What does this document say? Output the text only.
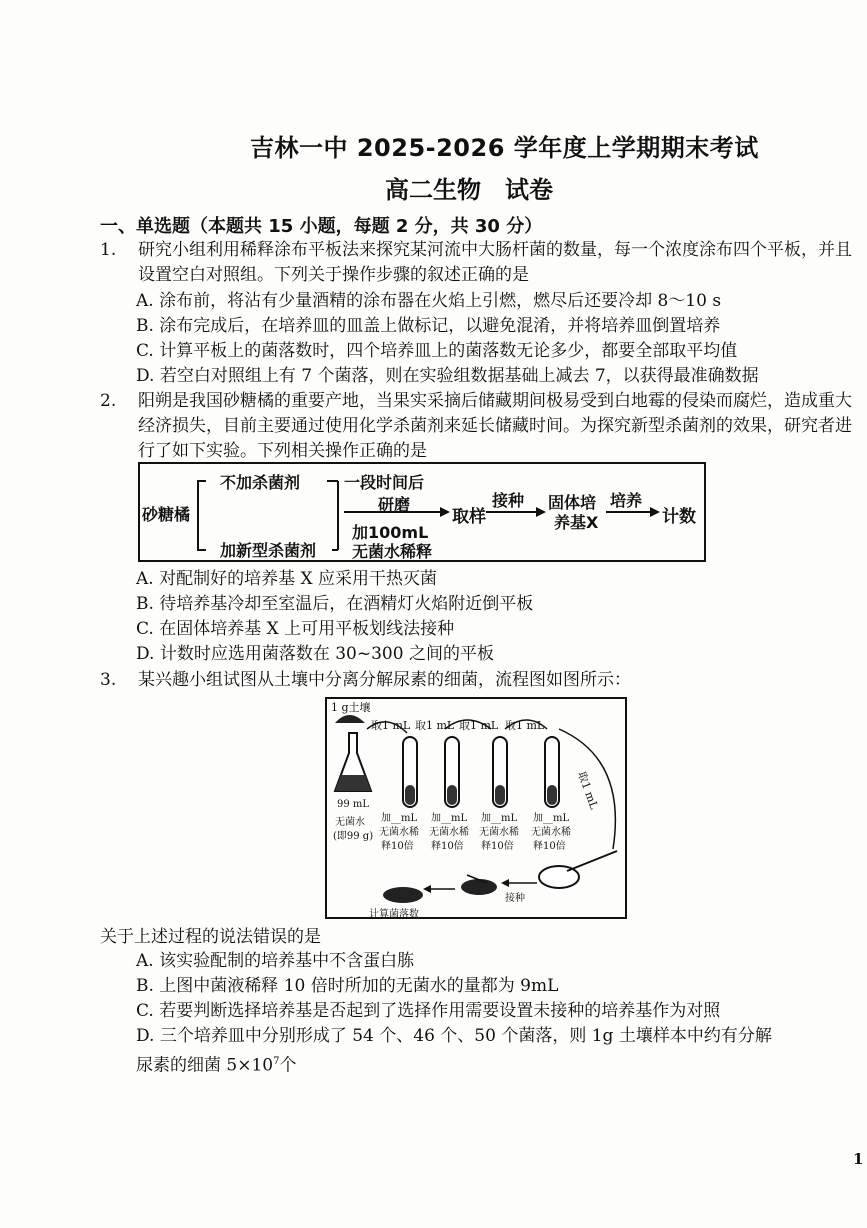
吉林一中 2025-2026 学年度上学期期末考试
高二生物　试卷
一、单选题（本题共 15 小题，每题 2 分，共 30 分）
1.	研究小组利用稀释涂布平板法来探究某河流中大肠杆菌的数量，每一个浓度涂布四个平板，并且设置空白对照组。下列关于操作步骤的叙述正确的是
A. 涂布前，将沾有少量酒精的涂布器在火焰上引燃，燃尽后还要冷却 8～10 s
B. 涂布完成后，在培养皿的皿盖上做标记，以避免混淆，并将培养皿倒置培养
C. 计算平板上的菌落数时，四个培养皿上的菌落数无论多少，都要全部取平均值
D. 若空白对照组上有 7 个菌落，则在实验组数据基础上减去 7，以获得最准确数据
2.	阳朔是我国砂糖橘的重要产地，当果实采摘后储藏期间极易受到白地霉的侵染而腐烂，造成重大经济损失，目前主要通过使用化学杀菌剂来延长储藏时间。为探究新型杀菌剂的效果，研究者进行了如下实验。下列相关操作正确的是
砂糖橘
不加杀菌剂
加新型杀菌剂
一段时间后
研磨
加100mL
无菌水稀释
取样
接种 固体培
养基X
培养
计数
A. 对配制好的培养基 X 应采用干热灭菌
B. 待培养基冷却至室温后，在酒精灯火焰附近倒平板
C. 在固体培养基 X 上可用平板划线法接种
D. 计数时应选用菌落数在 30~300 之间的平板
3.	某兴趣小组试图从土壤中分离分解尿素的细菌，流程图如图所示：
1 g土壤
取1 mL 取1 mL 取1 mL 取1 mL
取1 mL
99 mL
无菌水
(即99 g)
加__mL
无菌水稀
释10倍
加__mL
无菌水稀
释10倍
加__mL
无菌水稀
释10倍
加__mL
无菌水稀
释10倍
接种
计算菌落数
关于上述过程的说法错误的是
A. 该实验配制的培养基中不含蛋白胨
B. 上图中菌液稀释 10 倍时所加的无菌水的量都为 9mL
C. 若要判断选择培养基是否起到了选择作用需要设置未接种的培养基作为对照
D. 三个培养皿中分别形成了 54 个、46 个、50 个菌落，则 1g 土壤样本中约有分解
尿素的细菌 $5\times 10^7$个
1
